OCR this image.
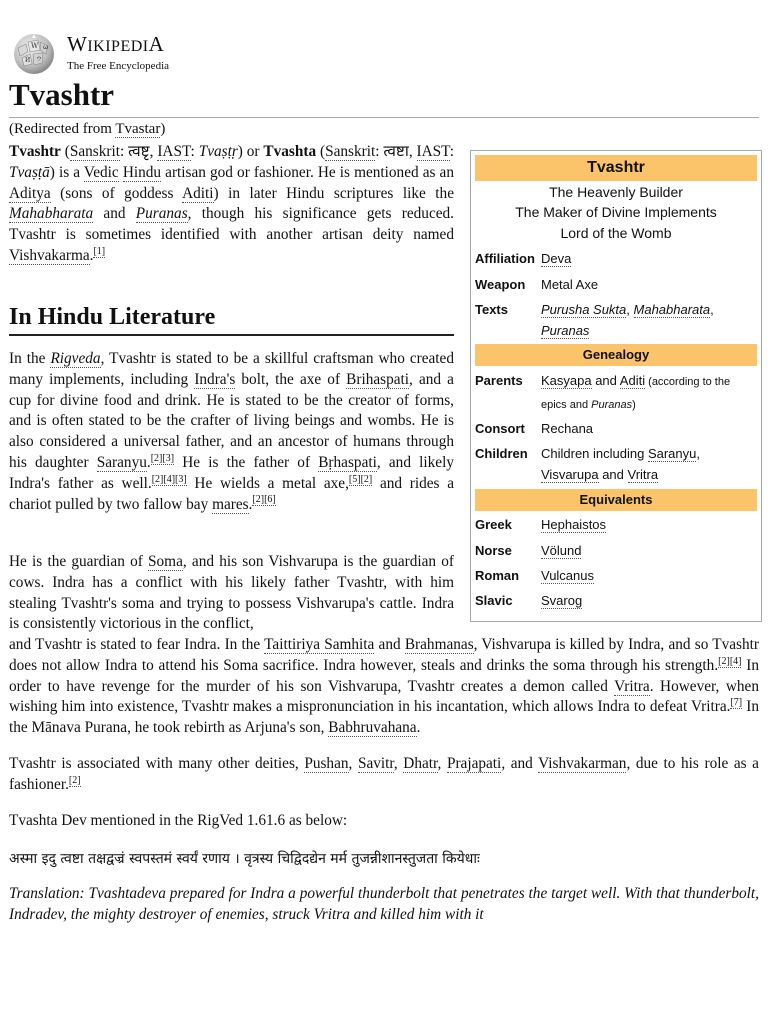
W ω
Ѝ ウ
WIKIPEDIA
The Free Encyclopedia
Tvashtr
(Redirected from Tvastar)
Tvashtr (Sanskrit: त्वष्टृ, IAST: Tvaṣṭṛ) or Tvashta (Sanskrit: त्वष्टा, IAST: Tvaṣṭā) is a Vedic Hindu artisan god or fashioner. He is mentioned as an Aditya (sons of goddess Aditi) in later Hindu scriptures like the Mahabharata and Puranas, though his significance gets reduced. Tvashtr is sometimes identified with another artisan deity named Vishvakarma.[1]
In Hindu Literature
In the Rigveda, Tvashtr is stated to be a skillful craftsman who created many implements, including Indra's bolt, the axe of Brihaspati, and a cup for divine food and drink. He is stated to be the creator of forms, and is often stated to be the crafter of living beings and wombs. He is also considered a universal father, and an ancestor of humans through his daughter Saranyu.[2][3] He is the father of Bṛhaspati, and likely Indra's father as well.[2][4][3] He wields a metal axe,[5][2] and rides a chariot pulled by two fallow bay mares.[2][6]
He is the guardian of Soma, and his son Vishvarupa is the guardian of cows. Indra has a conflict with his likely father Tvashtr, with him stealing Tvashtr's soma and trying to possess Vishvarupa's cattle. Indra is consistently victorious in the conflict,
and Tvashtr is stated to fear Indra. In the Taittiriya Samhita and Brahmanas, Vishvarupa is killed by Indra, and so Tvashtr does not allow Indra to attend his Soma sacrifice. Indra however, steals and drinks the soma through his strength.[2][4] In order to have revenge for the murder of his son Vishvarupa, Tvashtr creates a demon called Vritra. However, when wishing him into existence, Tvashtr makes a mispronunciation in his incantation, which allows Indra to defeat Vritra.[7] In the Mānava Purana, he took rebirth as Arjuna's son, Babhruvahana.
Tvashtr is associated with many other deities, Pushan, Savitr, Dhatr, Prajapati, and Vishvakarman, due to his role as a fashioner.[2]
Tvashta Dev mentioned in the RigVed 1.61.6 as below:
अस्मा इदु त्वष्टा तक्षद्वज्रं स्वपस्तमं स्वर्यं रणाय । वृत्रस्य चिद्विदद्येन मर्म तुजन्नीशानस्तुजता कियेधाः
Translation: Tvashtadeva prepared for Indra a powerful thunderbolt that penetrates the target well. With that thunderbolt, Indradev, the mighty destroyer of enemies, struck Vritra and killed him with it
Tvashtr
The Heavenly Builder
The Maker of Divine Implements
Lord of the Womb
Affiliation Deva
Weapon Metal Axe
Texts	Purusha Sukta, Mahabharata,
Puranas
Genealogy
Parents Kasyapa and Aditi (according to the epics and Puranas)
Consort Rechana
Children Children including Saranyu,
Visvarupa and Vritra
Equivalents
Greek Hephaistos
Norse Völund
Roman Vulcanus
Slavic Svarog
